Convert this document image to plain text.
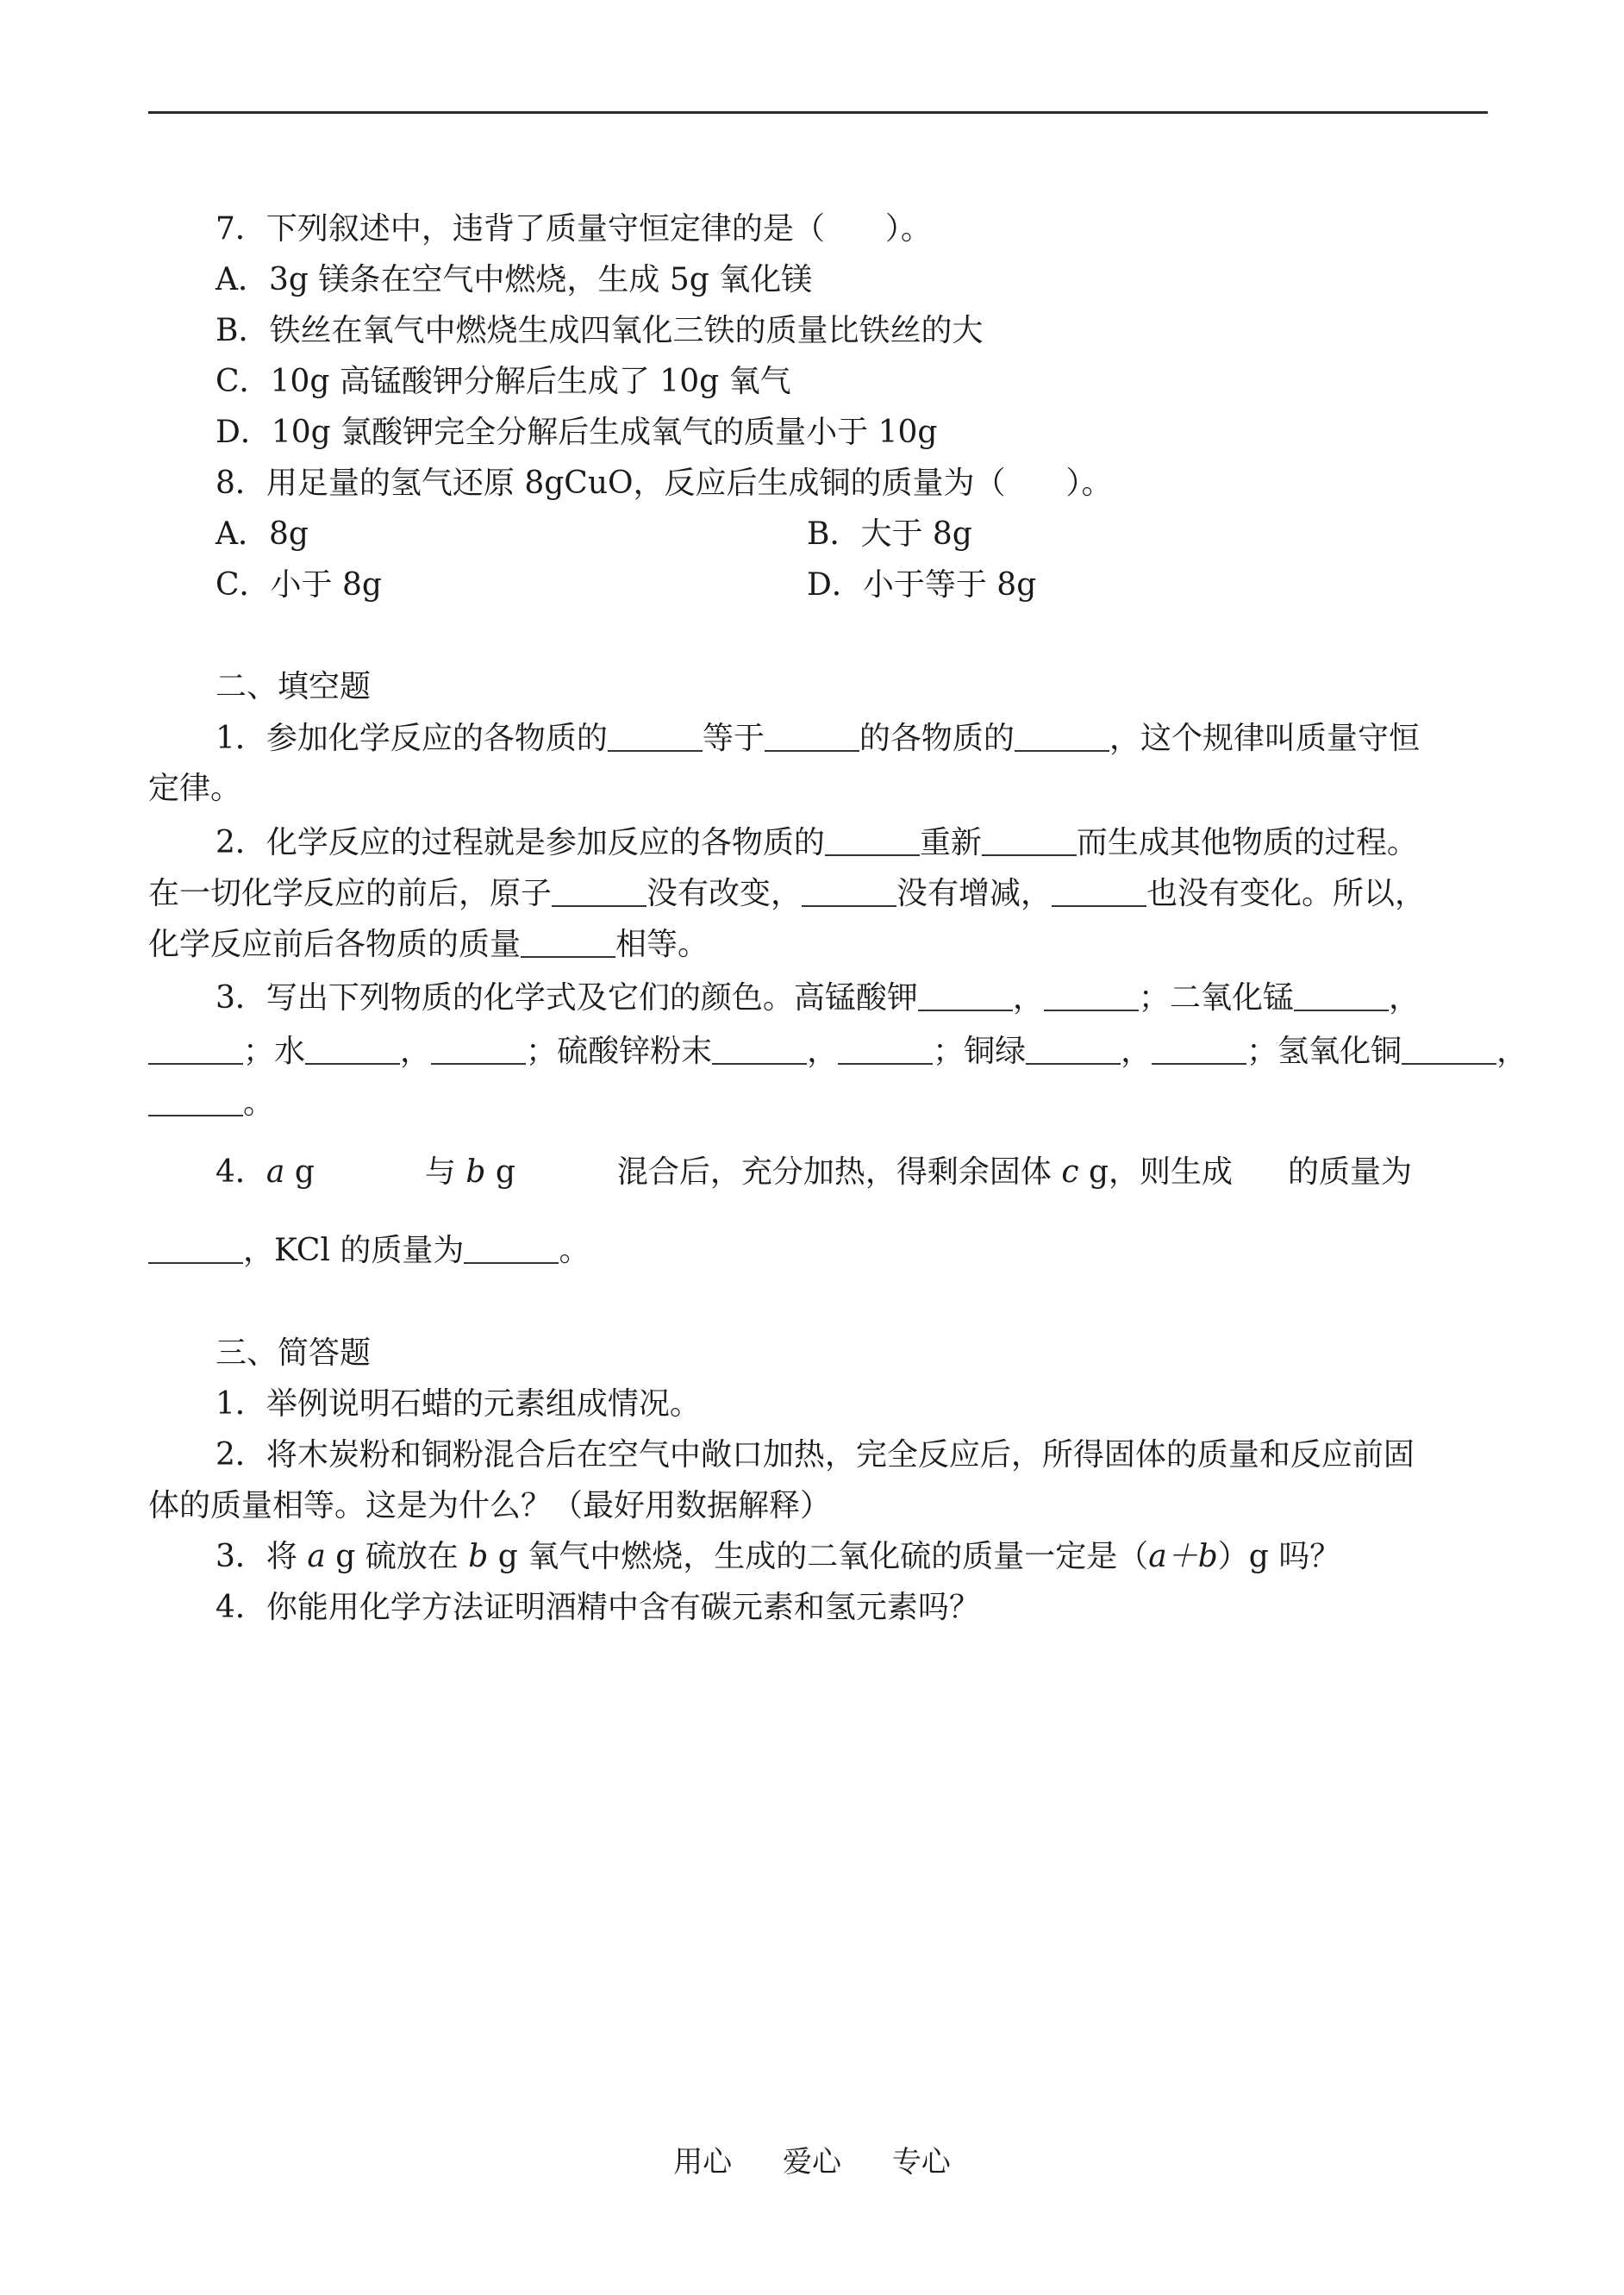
7．下列叙述中，违背了质量守恒定律的是（ ）。
A．3g 镁条在空气中燃烧，生成 5g 氧化镁
B．铁丝在氧气中燃烧生成四氧化三铁的质量比铁丝的大
C．10g 高锰酸钾分解后生成了 10g 氧气
D．10g 氯酸钾完全分解后生成氧气的质量小于 10g
8．用足量的氢气还原 8gCuO，反应后生成铜的质量为（ ）。
A．8g	B．大于 8g
C．小于 8g	D．小于等于 8g
二、填空题
1．参加化学反应的各物质的	等于	的各物质的	，这个规律叫质量守恒
定律。
2．化学反应的过程就是参加反应的各物质的	重新	而生成其他物质的过程。
在一切化学反应的前后，原子	没有改变，	没有增减，	也没有变化。所以，
化学反应前后各物质的质量	相等。
3．写出下列物质的化学式及它们的颜色。高锰酸钾	，	；二氧化锰	，
；水	，	；硫酸锌粉末	，	；铜绿	，	；氢氧化铜	，
。
4．a g	与 b g	混合后，充分加热，得剩余固体 c g，则生成 的质量为
，KCl 的质量为	。
三、简答题
1．举例说明石蜡的元素组成情况。
2．将木炭粉和铜粉混合后在空气中敞口加热，完全反应后，所得固体的质量和反应前固
体的质量相等。这是为什么？（最好用数据解释）
3．将 a g 硫放在 b g 氧气中燃烧，生成的二氧化硫的质量一定是（a＋b）g 吗？
4．你能用化学方法证明酒精中含有碳元素和氢元素吗？
用心 爱心 专心
